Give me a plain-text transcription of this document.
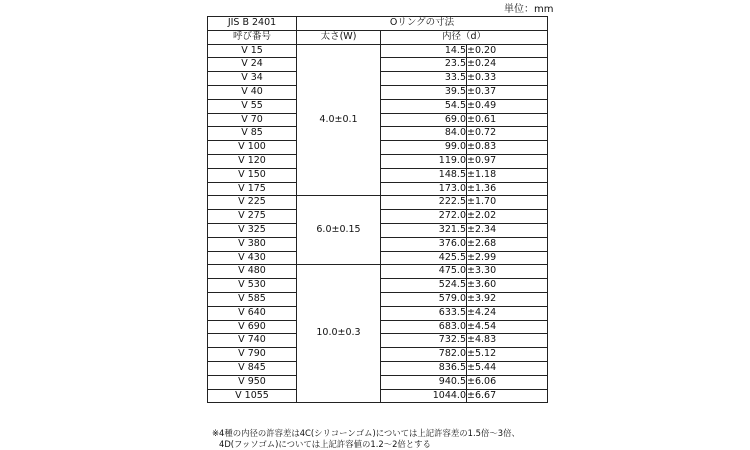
単位：mm
JIS B 2401	Oリングの寸法		
呼び番号	太さ(W)	内径（d）	
V 15	4.0±0.1	14.5	±0.20
V 24		23.5	±0.24
V 34		33.5	±0.33
V 40		39.5	±0.37
V 55		54.5	±0.49
V 70		69.0	±0.61
V 85		84.0	±0.72
V 100		99.0	±0.83
V 120		119.0	±0.97
V 150		148.5	±1.18
V 175		173.0	±1.36
V 225	6.0±0.15	222.5	±1.70
V 275		272.0	±2.02
V 325		321.5	±2.34
V 380		376.0	±2.68
V 430		425.5	±2.99
V 480	10.0±0.3	475.0	±3.30
V 530		524.5	±3.60
V 585		579.0	±3.92
V 640		633.5	±4.24
V 690		683.0	±4.54
V 740		732.5	±4.83
V 790		782.0	±5.12
V 845		836.5	±5.44
V 950		940.5	±6.06
V 1055		1044.0	±6.67
※4種の内径の許容差は4C(シリコーンゴム)については上記許容差の1.5倍～3倍、
4D(フッソゴム)については上記許容値の1.2～2倍とする
